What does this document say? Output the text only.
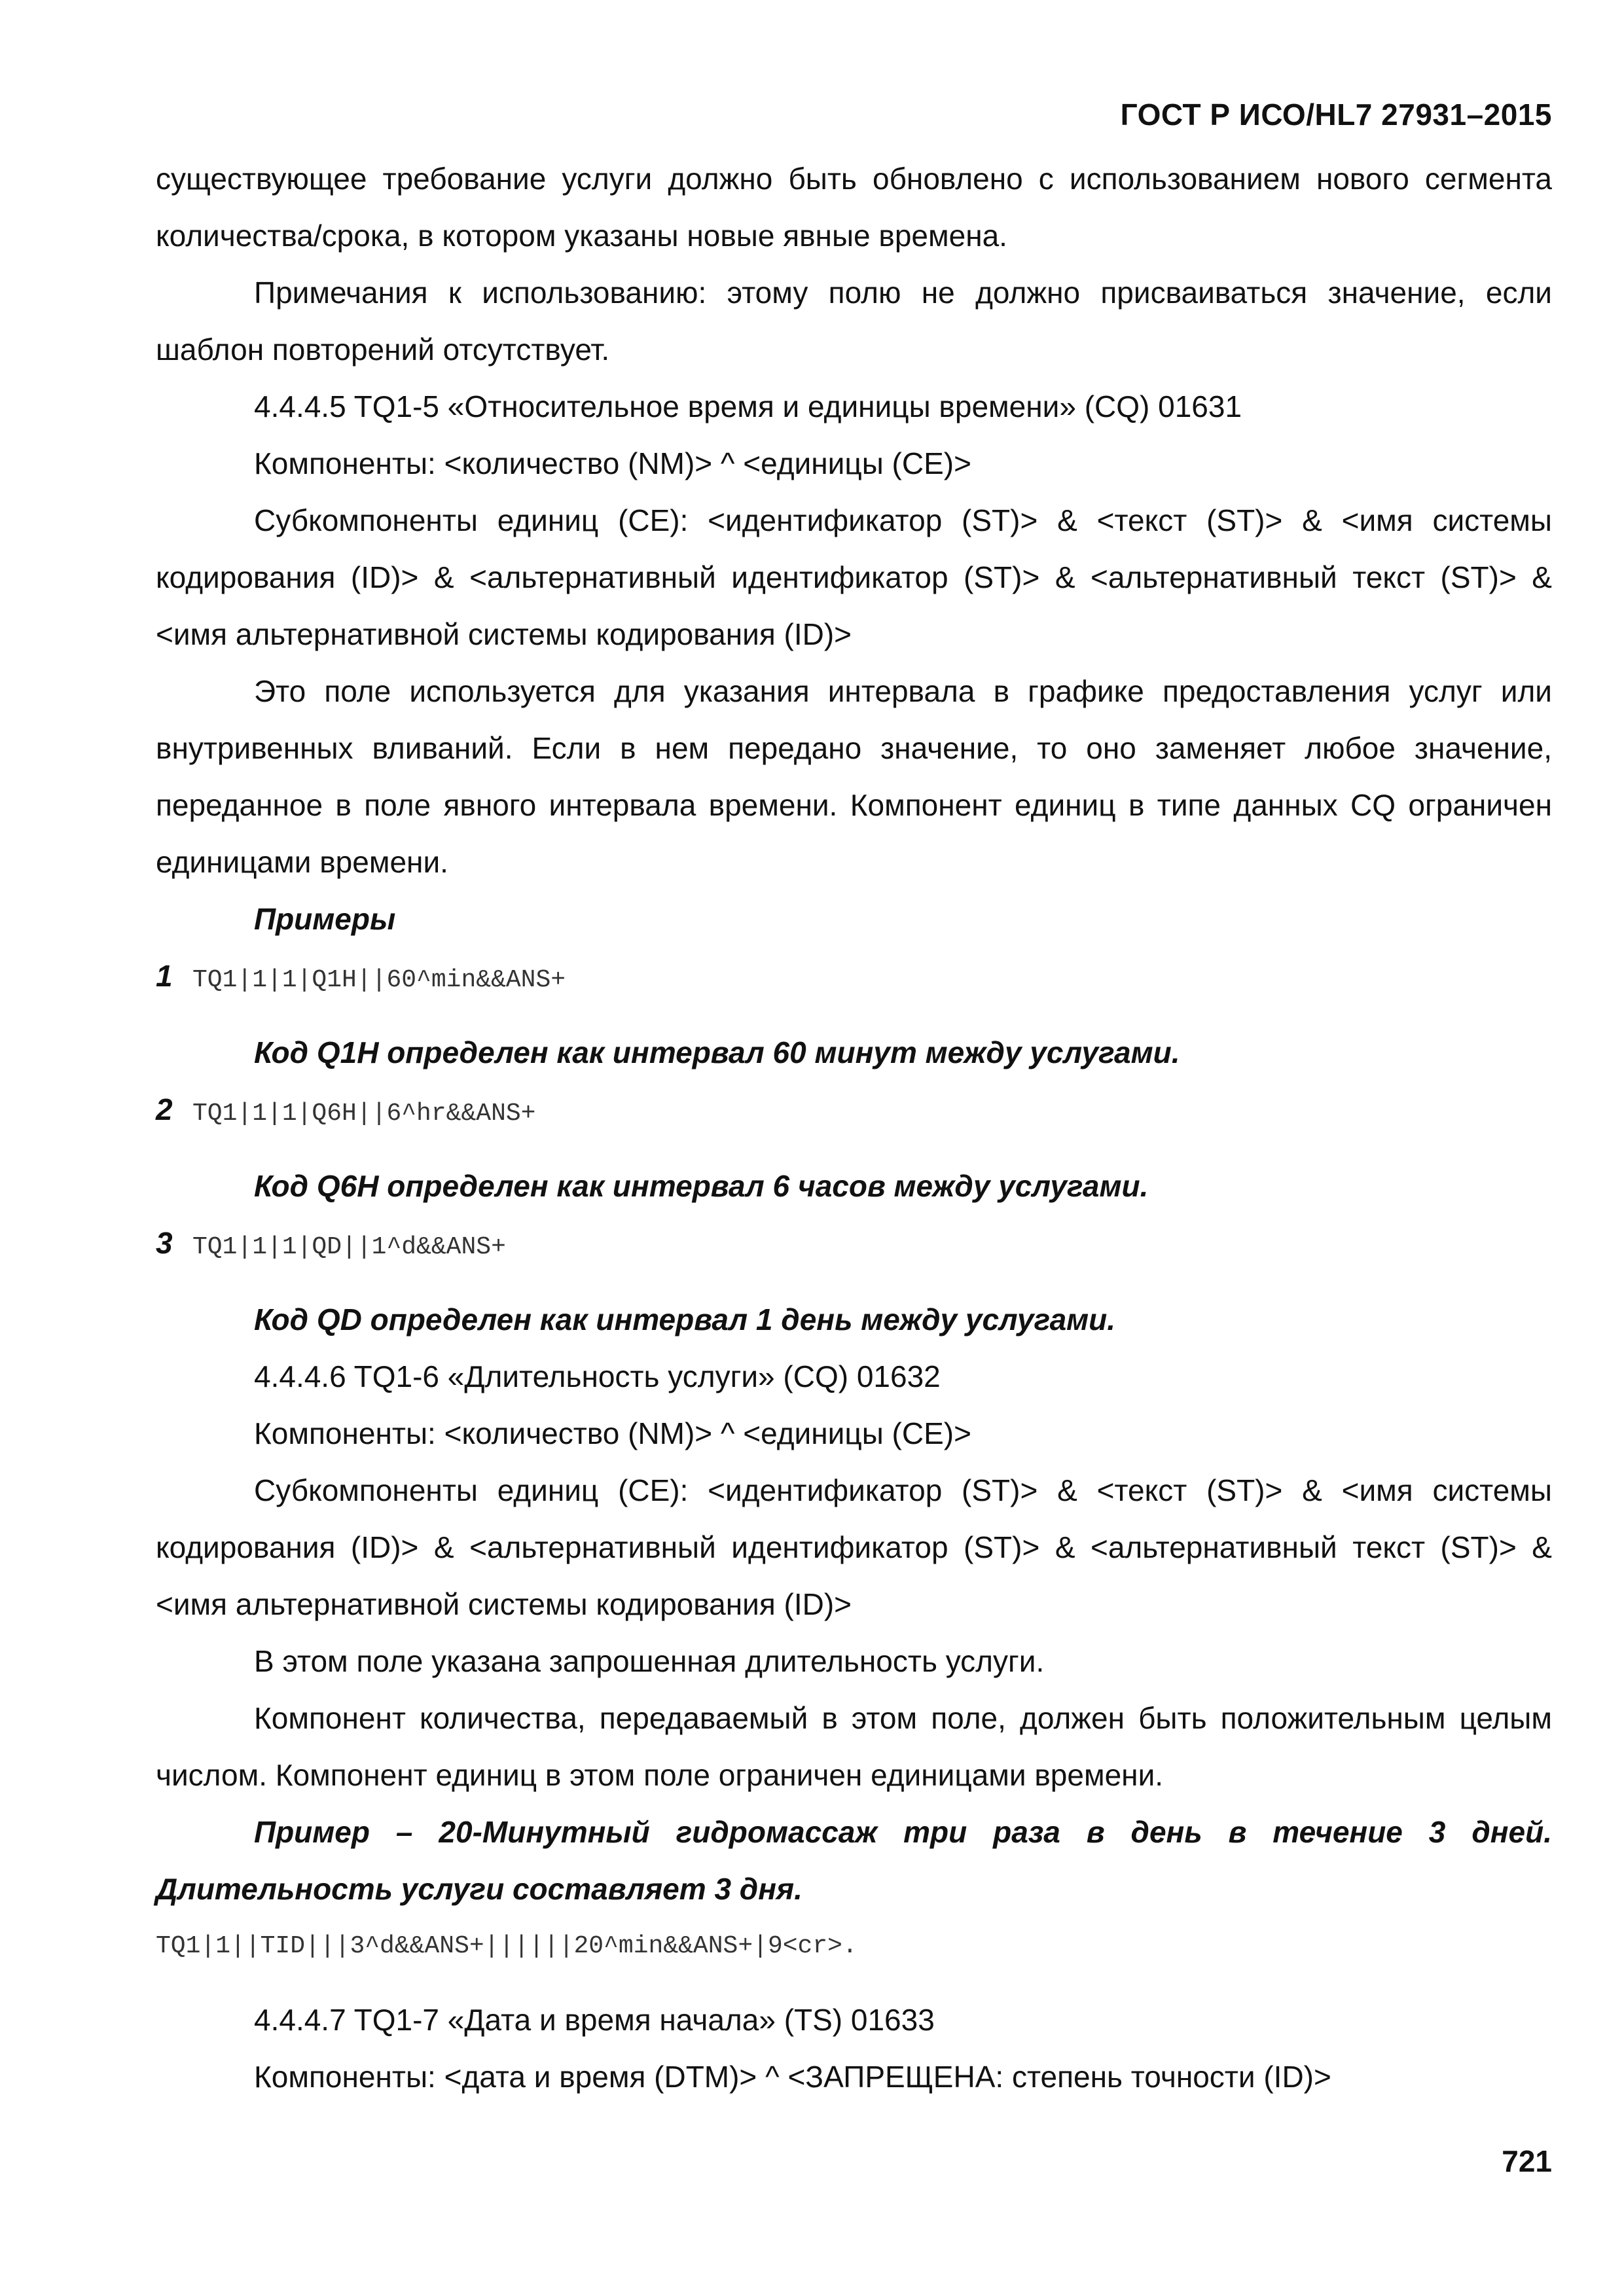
ГОСТ Р ИСО/HL7 27931–2015

существующее требование услуги должно быть обновлено с использованием нового сегмента количества/срока, в котором указаны новые явные времена.

Примечания к использованию: этому полю не должно присваиваться значение, если шаблон повторений отсутствует.

4.4.4.5 TQ1-5 «Относительное время и единицы времени» (CQ) 01631

Компоненты: <количество (NM)> ^ <единицы (CE)>

Субкомпоненты единиц (CE): <идентификатор (ST)> & <текст (ST)> & <имя системы кодирования (ID)> & <альтернативный идентификатор (ST)> & <альтернативный текст (ST)> & <имя альтернативной системы кодирования (ID)>

Это поле используется для указания интервала в графике предоставления услуг или внутривенных вливаний. Если в нем передано значение, то оно заменяет любое значение, переданное в поле явного интервала времени. Компонент единиц в типе данных CQ ограничен единицами времени.

Примеры

1 TQ1|1|1|Q1H||60^min&&ANS+

Код Q1H определен как интервал 60 минут между услугами.

2 TQ1|1|1|Q6H||6^hr&&ANS+

Код Q6H определен как интервал 6 часов между услугами.

3 TQ1|1|1|QD||1^d&&ANS+

Код QD определен как интервал 1 день между услугами.

4.4.4.6 TQ1-6 «Длительность услуги» (CQ) 01632

Компоненты: <количество (NM)> ^ <единицы (CE)>

Субкомпоненты единиц (CE): <идентификатор (ST)> & <текст (ST)> & <имя системы кодирования (ID)> & <альтернативный идентификатор (ST)> & <альтернативный текст (ST)> & <имя альтернативной системы кодирования (ID)>

В этом поле указана запрошенная длительность услуги.

Компонент количества, передаваемый в этом поле, должен быть положительным целым числом. Компонент единиц в этом поле ограничен единицами времени.

Пример – 20-Минутный гидромассаж три раза в день в течение 3 дней. Длительность услуги составляет 3 дня.

TQ1|1||TID|||3^d&&ANS+||||||20^min&&ANS+|9<cr>.

4.4.4.7 TQ1-7 «Дата и время начала» (TS) 01633

Компоненты: <дата и время (DTM)> ^ <ЗАПРЕЩЕНА: степень точности (ID)>

721
